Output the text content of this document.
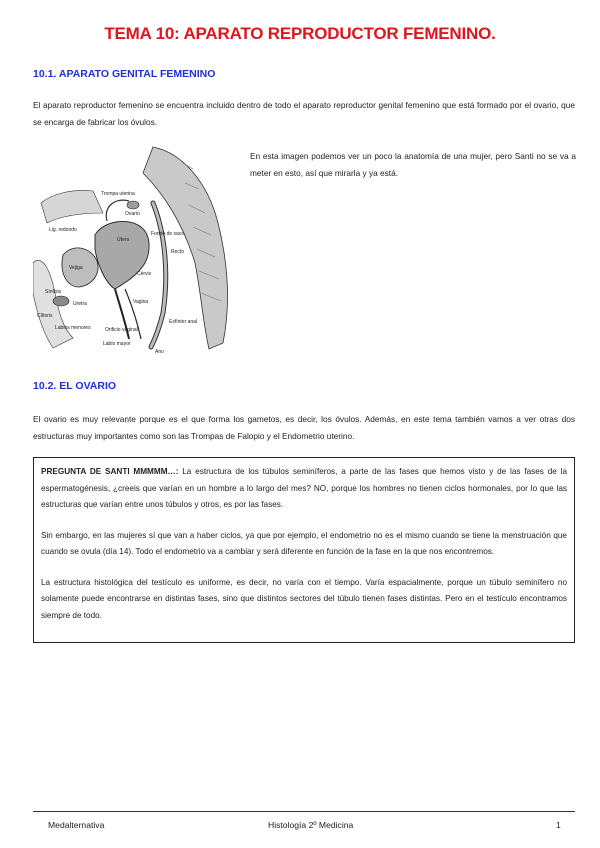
TEMA 10: APARATO REPRODUCTOR FEMENINO.
10.1. APARATO GENITAL FEMENINO
El aparato reproductor femenino se encuentra incluido dentro de todo el aparato reproductor genital femenino que está formado por el ovario, que se encarga de fabricar los óvulos.
Trompa uterina
Ovario
Útero
Lig. redondo
Vejiga
Sínfisis
Uretra
Clítoris
Labios menores
Labio mayor
Vagina
Cérvix
Recto
Esfínter anal
Fondo de saco
Orificio vaginal
Ano
En esta imagen podemos ver un poco la anatomía de una mujer, pero Santi no se va a meter en esto, así que mirarla y ya está.
10.2. EL OVARIO
El ovario es muy relevante porque es el que forma los gametos, es decir, los óvulos. Además, en este tema también vamos a ver otras dos estructuras muy importantes como son las Trompas de Falopio y el Endometrio uterino.

PREGUNTA DE SANTI MMMMM…: La estructura de los túbulos seminíferos, a parte de las fases que hemos visto y de las fases de la espermatogénesis, ¿creeis que varían en un hombre a lo largo del mes? NO, porque los hombres no tienen ciclos hormonales, por lo que las estructuras que varían entre unos túbulos y otros, es por las fases.

Sin embargo, en las mujeres sí que van a haber ciclos, ya que por ejemplo, el endometrio no es el mismo cuando se tiene la menstruación que cuando se ovula (día 14). Todo el endometrio va a cambiar y será diferente en función de la fase en la que nos encontremos.

La estructura histológica del testículo es uniforme, es decir, no varía con el tiempo. Varía espacialmente, porque un túbulo seminífero no solamente puede encontrarse en distintas fases, sino que distintos sectores del túbulo tienen fases distintas. Pero en el testículo encontramos siempre de todo.

Medalternativa	Histología 2º Medicina	1
